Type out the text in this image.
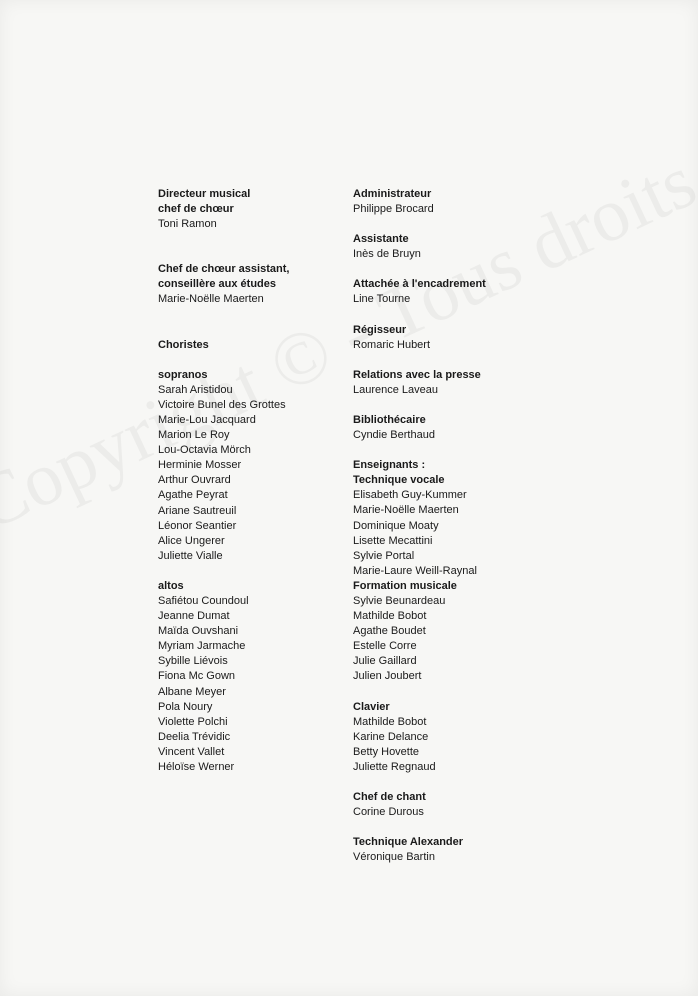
Directeur musical
chef de chœur
Toni Ramon
Chef de chœur assistant,
conseillère aux études
Marie-Noëlle Maerten
Choristes
sopranos
Sarah Aristidou
Victoire Bunel des Grottes
Marie-Lou Jacquard
Marion Le Roy
Lou-Octavia Mörch
Herminie Mosser
Arthur Ouvrard
Agathe Peyrat
Ariane Sautreuil
Léonor Seantier
Alice Ungerer
Juliette Vialle
altos
Safiétou Coundoul
Jeanne Dumat
Maïda Ouvshani
Myriam Jarmache
Sybille Liévois
Fiona Mc Gown
Albane Meyer
Pola Noury
Violette Polchi
Deelia Trévidic
Vincent Vallet
Héloïse Werner
Administrateur
Philippe Brocard
Assistante
Inès de Bruyn
Attachée à l'encadrement
Line Tourne
Régisseur
Romaric Hubert
Relations avec la presse
Laurence Laveau
Bibliothécaire
Cyndie Berthaud
Enseignants :
Technique vocale
Elisabeth Guy-Kummer
Marie-Noëlle Maerten
Dominique Moaty
Lisette Mecattini
Sylvie Portal
Marie-Laure Weill-Raynal
Formation musicale
Sylvie Beunardeau
Mathilde Bobot
Agathe Boudet
Estelle Corre
Julie Gaillard
Julien Joubert
Clavier
Mathilde Bobot
Karine Delance
Betty Hovette
Juliette Regnaud
Chef de chant
Corine Durous
Technique Alexander
Véronique Bartin
